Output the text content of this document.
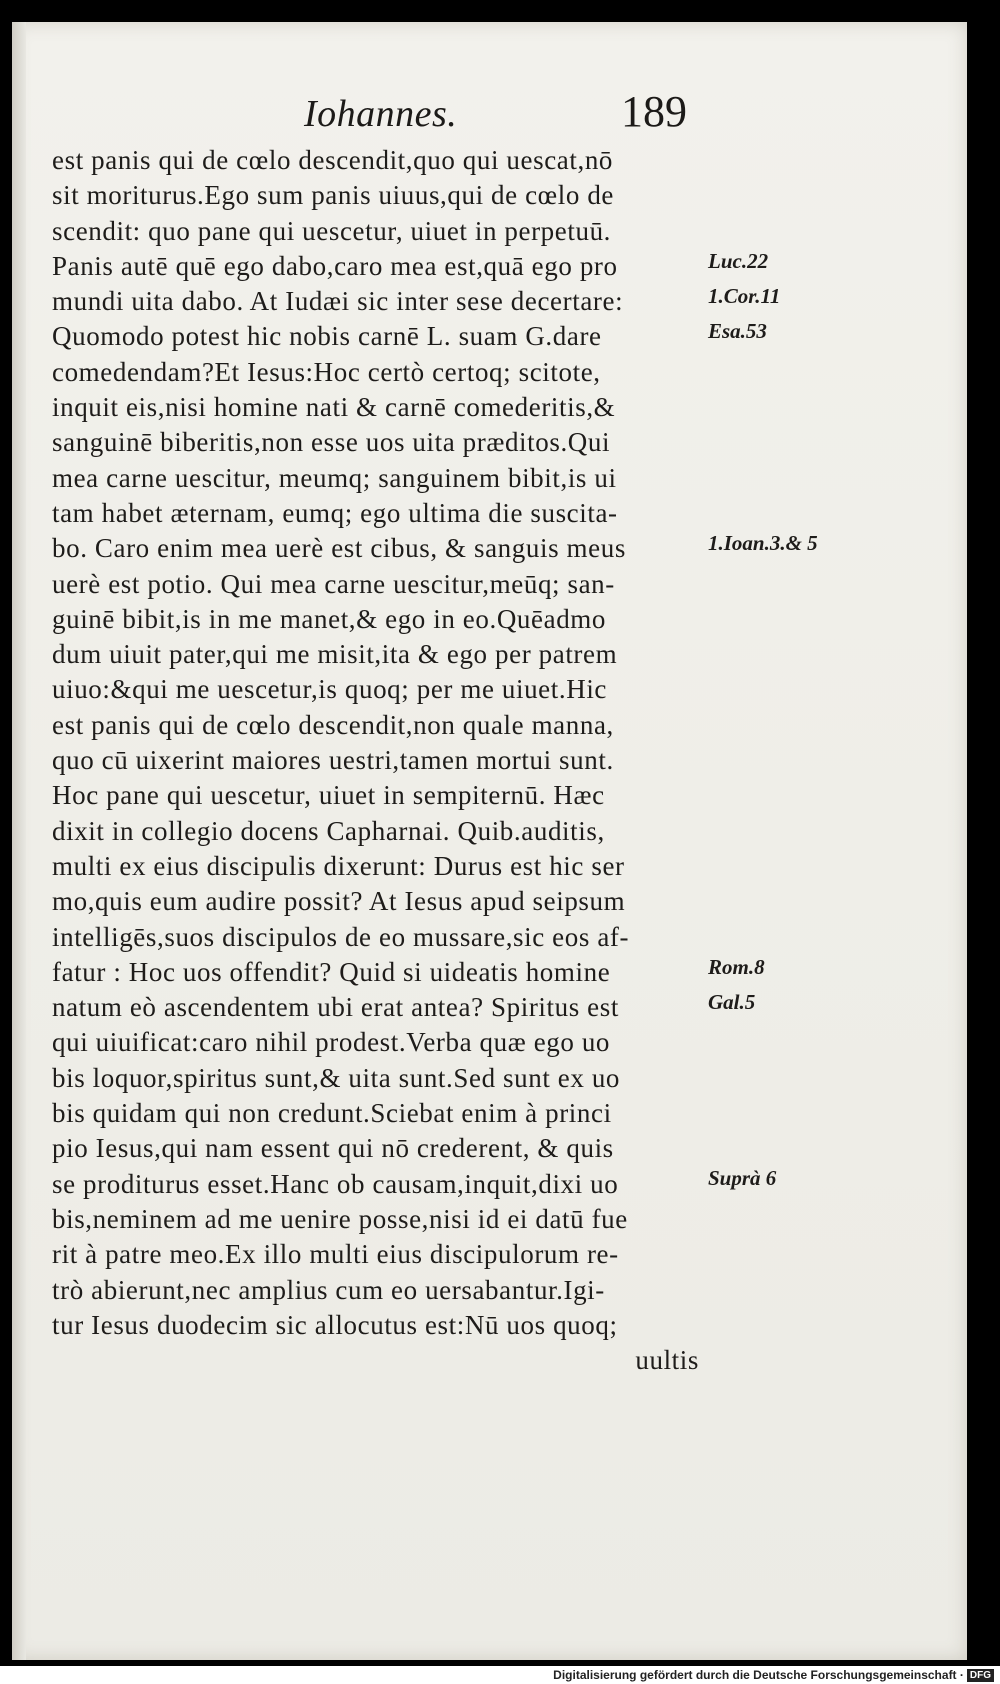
Iohannes.	189
est panis qui de cœlo descendit,quo qui uescat,nō
sit moriturus.Ego sum panis uiuus,qui de cœlo de
scendit: quo pane qui uescetur, uiuet in perpetuū.
Panis autē quē ego dabo,caro mea est,quā ego pro
mundi uita dabo. At Iudæi sic inter sese decertare:
Quomodo potest hic nobis carnē L. suam G.dare
comedendam?Et Iesus:Hoc certò certoq; scitote,
inquit eis,nisi homine nati & carnē comederitis,&
sanguinē biberitis,non esse uos uita præditos.Qui
mea carne uescitur, meumq; sanguinem bibit,is ui
tam habet æternam, eumq; ego ultima die suscita-
bo. Caro enim mea uerè est cibus, & sanguis meus
uerè est potio. Qui mea carne uescitur,meūq; san-
guinē bibit,is in me manet,& ego in eo.Quēadmo
dum uiuit pater,qui me misit,ita & ego per patrem
uiuo:&qui me uescetur,is quoq; per me uiuet.Hic
est panis qui de cœlo descendit,non quale manna,
quo cū uixerint maiores uestri,tamen mortui sunt.
Hoc pane qui uescetur, uiuet in sempiternū. Hæc
dixit in collegio docens Capharnai. Quib.auditis,
multi ex eius discipulis dixerunt: Durus est hic ser
mo,quis eum audire possit? At Iesus apud seipsum
intelligēs,suos discipulos de eo mussare,sic eos af-
fatur : Hoc uos offendit? Quid si uideatis homine
natum eò ascendentem ubi erat antea? Spiritus est
qui uiuificat:caro nihil prodest.Verba quæ ego uo
bis loquor,spiritus sunt,& uita sunt.Sed sunt ex uo
bis quidam qui non credunt.Sciebat enim à princi
pio Iesus,qui nam essent qui nō crederent, & quis
se proditurus esset.Hanc ob causam,inquit,dixi uo
bis,neminem ad me uenire posse,nisi id ei datū fue
rit à patre meo.Ex illo multi eius discipulorum re-
trò abierunt,nec amplius cum eo uersabantur.Igi-
tur Iesus duodecim sic allocutus est:Nū uos quoq;
uultis
Luc.22
1.Cor.11
Esa.53
1.Ioan.3.& 5
Rom.8
Gal.5
Suprà 6
Digitalisierung gefördert durch die Deutsche Forschungsgemeinschaft · DFG
